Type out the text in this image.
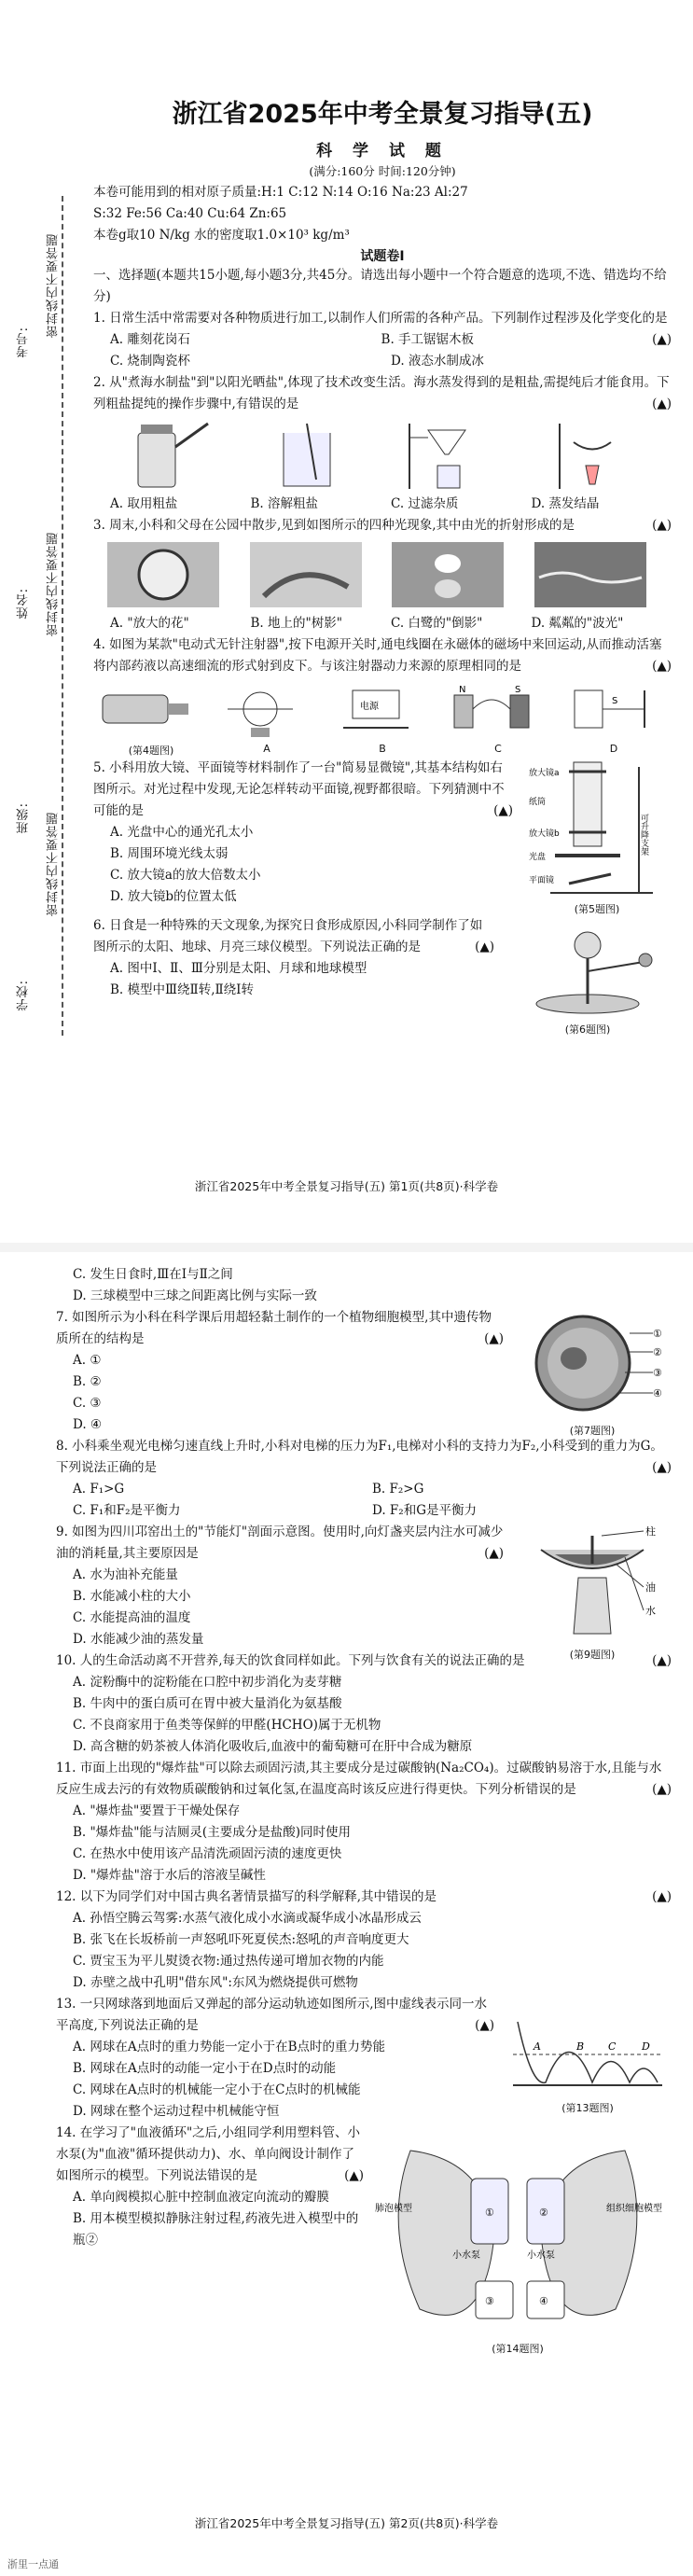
密封线内不要答题
考号:
密封线内不要答题
姓名:
密封线内不要答题
班级:
学校:

浙江省2025年中考全景复习指导(五)

科 学 试 题

(满分:160分 时间:120分钟)

本卷可能用到的相对原子质量:H:1 C:12 N:14 O:16 Na:23 Al:27

S:32 Fe:56 Ca:40 Cu:64 Zn:65

本卷g取10 N/kg 水的密度取1.0×10³ kg/m³

试题卷Ⅰ

一、选择题(本题共15小题,每小题3分,共45分。请选出每小题中一个符合题意的选项,不选、错选均不给分)

1. 日常生活中常需要对各种物质进行加工,以制作人们所需的各种产品。下列制作过程涉及化学变化的是
(▲)

A. 雕刻花岗石	B. 手工锯锯木板
C. 烧制陶瓷杯	D. 液态水制成冰

2. 从"煮海水制盐"到"以阳光晒盐",体现了技术改变生活。海水蒸发得到的是粗盐,需提纯后才能食用。下列粗盐提纯的操作步骤中,有错误的是	(▲)

A. 取用粗盐	B. 溶解粗盐	C. 过滤杂质	D. 蒸发结晶

3. 周末,小科和父母在公园中散步,见到如图所示的四种光现象,其中由光的折射形成的是	(▲)

A. "放大的花"	B. 地上的"树影"	C. 白鹭的"倒影"	D. 粼粼的"波光"

4. 如图为某款"电动式无针注射器",按下电源开关时,通电线圈在永磁体的磁场中来回运动,从而推动活塞将内部药液以高速细流的形式射到皮下。与该注射器动力来源的原理相同的是	(▲)

(第4题图)	A
电源
B
N	S
C
S
D

5. 小科用放大镜、平面镜等材料制作了一台"简易显微镜",其基本结构如右图所示。对光过程中发现,无论怎样转动平面镜,视野都很暗。下列猜测中不可能的是	(▲)

A. 光盘中心的通光孔太小

B. 周围环境光线太弱

C. 放大镜a的放大倍数太小

D. 放大镜b的位置太低

放大镜a
纸筒
放大镜b
光盘
平面镜
可升降支架
(第5题图)

6. 日食是一种特殊的天文现象,为探究日食形成原因,小科同学制作了如图所示的太阳、地球、月亮三球仪模型。下列说法正确的是	(▲)

A. 图中Ⅰ、Ⅱ、Ⅲ分别是太阳、月球和地球模型

B. 模型中Ⅲ绕Ⅱ转,Ⅱ绕Ⅰ转

(第6题图)
浙江省2025年中考全景复习指导(五) 第1页(共8页)·科学卷

C. 发生日食时,Ⅲ在Ⅰ与Ⅱ之间

D. 三球模型中三球之间距离比例与实际一致

7. 如图所示为小科在科学课后用超轻黏土制作的一个植物细胞模型,其中遗传物质所在的结构是	(▲)

A. ①

B. ②

C. ③

D. ④

①
②
③
④
(第7题图)

8. 小科乘坐观光电梯匀速直线上升时,小科对电梯的压力为F₁,电梯对小科的支持力为F₂,小科受到的重力为G。下列说法正确的是	(▲)

A. F₁>G	B. F₂>G
C. F₁和F₂是平衡力	D. F₂和G是平衡力

9. 如图为四川邛窑出土的"节能灯"剖面示意图。使用时,向灯盏夹层内注水可减少油的消耗量,其主要原因是	(▲)

A. 水为油补充能量

B. 水能减小柱的大小

C. 水能提高油的温度

D. 水能减少油的蒸发量

柱
油
水
(第9题图)

10. 人的生命活动离不开营养,每天的饮食同样如此。下列与饮食有关的说法正确的是	(▲)

A. 淀粉酶中的淀粉能在口腔中初步消化为麦芽糖

B. 牛肉中的蛋白质可在胃中被大量消化为氨基酸

C. 不良商家用于鱼类等保鲜的甲醛(HCHO)属于无机物

D. 高含糖的奶茶被人体消化吸收后,血液中的葡萄糖可在肝中合成为糖原

11. 市面上出现的"爆炸盐"可以除去顽固污渍,其主要成分是过碳酸钠(Na₂CO₄)。过碳酸钠易溶于水,且能与水反应生成去污的有效物质碳酸钠和过氧化氢,在温度高时该反应进行得更快。下列分析错误的是	(▲)

A. "爆炸盐"要置于干燥处保存

B. "爆炸盐"能与洁厕灵(主要成分是盐酸)同时使用

C. 在热水中使用该产品清洗顽固污渍的速度更快

D. "爆炸盐"溶于水后的溶液呈碱性

12. 以下为同学们对中国古典名著情景描写的科学解释,其中错误的是	(▲)

A. 孙悟空腾云驾雾:水蒸气液化成小水滴或凝华成小冰晶形成云

B. 张飞在长坂桥前一声怒吼吓死夏侯杰:怒吼的声音响度更大

C. 贾宝玉为平儿熨烫衣物:通过热传递可增加衣物的内能

D. 赤壁之战中孔明"借东风":东风为燃烧提供可燃物

13. 一只网球落到地面后又弹起的部分运动轨迹如图所示,图中虚线表示同一水平高度,下列说法正确的是	(▲)

A. 网球在A点时的重力势能一定小于在B点时的重力势能

B. 网球在A点时的动能一定小于在D点时的动能

C. 网球在A点时的机械能一定小于在C点时的机械能

D. 网球在整个运动过程中机械能守恒

A	B C	D
(第13题图)

14. 在学习了"血液循环"之后,小组同学利用塑料管、小水泵(为"血液"循环提供动力)、水、单向阀设计制作了如图所示的模型。下列说法错误的是	(▲)

A. 单向阀模拟心脏中控制血液定向流动的瓣膜

B. 用本模型模拟静脉注射过程,药液先进入模型中的瓶②

①	②
③	④
肺泡模型	组织细胞模型
小水泵	小水泵
(第14题图)
浙江省2025年中考全景复习指导(五) 第2页(共8页)·科学卷
浙里一点通
